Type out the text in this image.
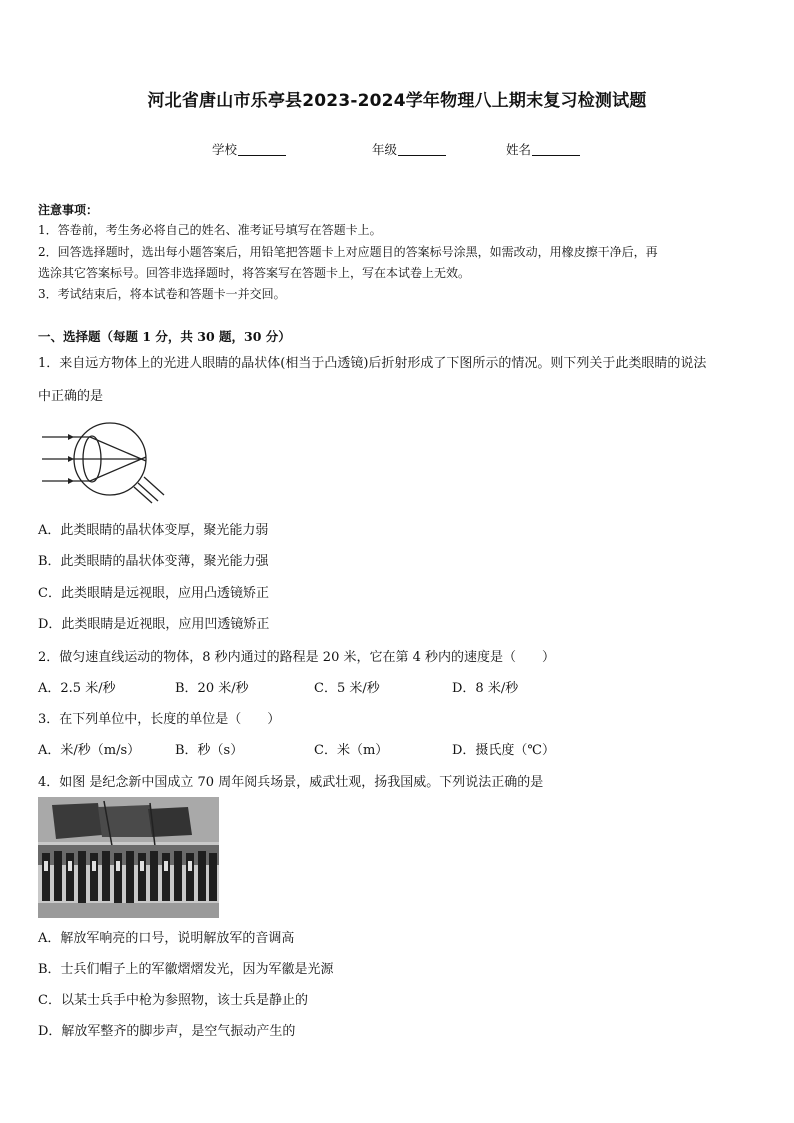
河北省唐山市乐亭县2023-2024学年物理八上期末复习检测试题
学校	年级	姓名
注意事项：
1．答卷前，考生务必将自己的姓名、准考证号填写在答题卡上。
2．回答选择题时，选出每小题答案后，用铅笔把答题卡上对应题目的答案标号涂黑，如需改动，用橡皮擦干净后，再
选涂其它答案标号。回答非选择题时，将答案写在答题卡上，写在本试卷上无效。
3．考试结束后，将本试卷和答题卡一并交回。
一、选择题（每题 1 分，共 30 题，30 分）
1．来自远方物体上的光进人眼睛的晶状体(相当于凸透镜)后折射形成了下图所示的情况。则下列关于此类眼睛的说法
中正确的是
A．此类眼睛的晶状体变厚，聚光能力弱
B．此类眼睛的晶状体变薄，聚光能力强
C．此类眼睛是远视眼，应用凸透镜矫正
D．此类眼睛是近视眼，应用凹透镜矫正
2．做匀速直线运动的物体，8 秒内通过的路程是 20 米，它在第 4 秒内的速度是（　　）
A．2.5 米/秒	B．20 米/秒	C．5 米/秒	D．8 米/秒
3．在下列单位中，长度的单位是（　　）
A．米/秒（m/s）	B．秒（s）	C．米（m）	D．摄氏度（℃）
4．如图 是纪念新中国成立 70 周年阅兵场景，威武壮观，扬我国威。下列说法正确的是
A．解放军响亮的口号，说明解放军的音调高
B．士兵们帽子上的军徽熠熠发光，因为军徽是光源
C．以某士兵手中枪为参照物，该士兵是静止的
D．解放军整齐的脚步声，是空气振动产生的
